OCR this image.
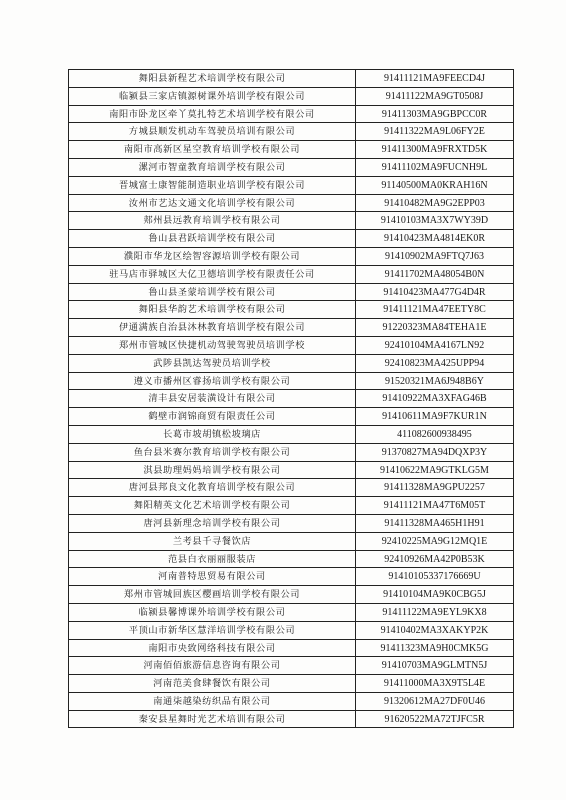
舞阳县新程艺术培训学校有限公司	91411121MA9FEECD4J
临颍县三家店镇源树课外培训学校有限公司	91411122MA9GT0508J
南阳市卧龙区牵丫莫扎特艺术培训学校有限公司	91411303MA9GBPCC0R
方城县顺发机动车驾驶员培训有限公司	91411322MA9L06FY2E
南阳市高新区星空教育培训学校有限公司	91411300MA9FRXTD5K
漯河市智童教育培训学校有限公司	91411102MA9FUCNH9L
晋城富士康智能制造职业培训学校有限公司	91140500MA0KRAH16N
汝州市艺达文通文化培训学校有限公司	91410482MA9G2EPP03
郏州县远教育培训学校有限公司	91410103MA3X7WY39D
鲁山县君跃培训学校有限公司	91410423MA4814EK0R
濮阳市华龙区绘智容源培训学校有限公司	91410902MA9FTQ7J63
驻马店市驿城区大亿卫德培训学校有限责任公司	91411702MA48054B0N
鲁山县圣蒙培训学校有限公司	91410423MA477G4D4R
舞阳县华韵艺术培训学校有限公司	91411121MA47EETY8C
伊通满族自治县沐林教育培训学校有限公司	91220323MA84TEHA1E
郑州市管城区快捷机动驾驶驾驶员培训学校	92410104MA4167LN92
武陟县凯达驾驶员培训学校	92410823MA425UPP94
遵义市播州区睿扬培训学校有限公司	91520321MA6J948B6Y
清丰县安居装潢设计有限公司	91410922MA3XFAG46B
鹤壁市润锦商贸有限责任公司	91410611MA9F7KUR1N
长葛市坡胡镇松坡璃店	411082600938495
鱼台县米赛尔教育培训学校有限公司	91370827MA94DQXP3Y
淇县助理妈妈培训学校有限公司	91410622MA9GTKLG5M
唐河县邦良文化教育培训学校有限公司	91411328MA9GPU2257
舞阳精英文化艺术培训学校有限公司	91411121MA47T6M05T
唐河县新理念培训学校有限公司	91411328MA465H1H91
兰考县千寻餐饮店	92410225MA9G12MQ1E
范县白衣丽丽服装店	92410926MA42P0B53K
河南普特思贸易有限公司	91410105337176669U
郑州市管城回族区樱画培训学校有限公司	91410104MA9K0CBG5J
临颍县馨博课外培训学校有限公司	91411122MA9EYL9KX8
平顶山市新华区慧洋培训学校有限公司	91410402MA3XAKYP2K
南阳市央致网络科技有限公司	91411323MA9H0CMK5G
河南佰佰旅游信息咨询有限公司	91410703MA9GLMTN5J
河南范美食肆餐饮有限公司	91411000MA3X9T5L4E
南通柒越染纺织品有限公司	91320612MA27DF0U46
秦安县星舞时光艺术培训有限公司	91620522MA72TJFC5R
